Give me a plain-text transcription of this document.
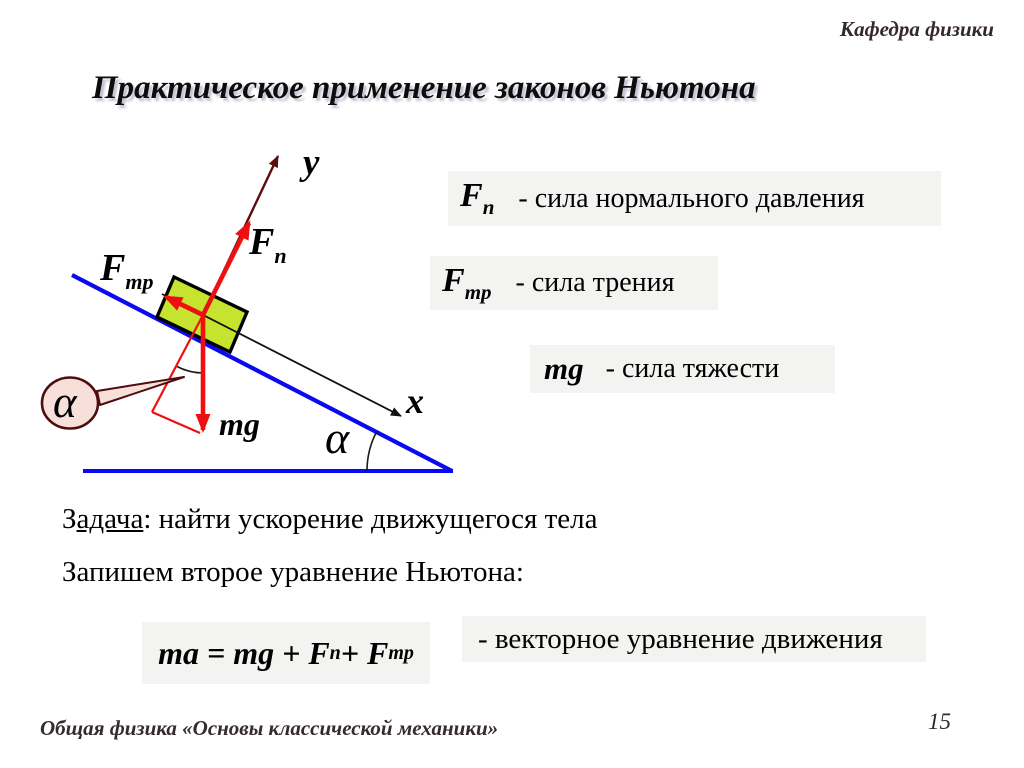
Кафедра физики
Практическое применение законов Ньютона
y
x
$F_n$
$F_{тр}$
mg α
α
$F_n$ - сила нормального давления
$F_{тр}$ - сила трения
mg - сила тяжести
Задача: найти ускорение движущегося тела
Запишем второе уравнение Ньютона:
ma = mg + F n + F тр	- векторное уравнение движения
Общая физика «Основы классической механики»	15
